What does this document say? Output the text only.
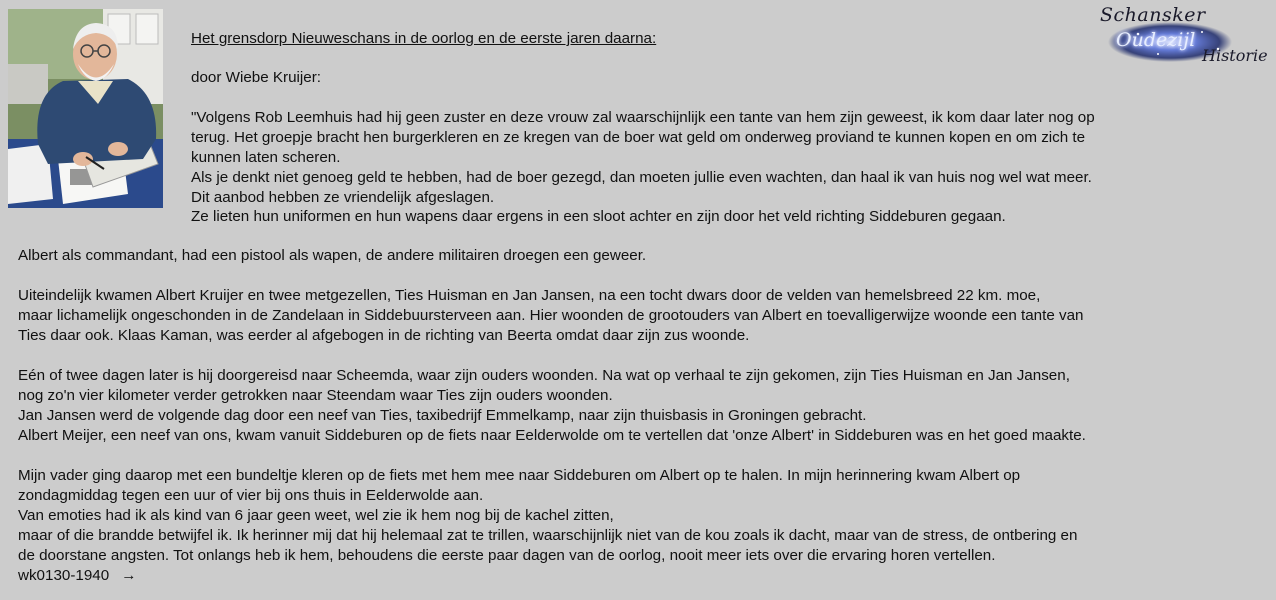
Schansker
Oudezijl
Historie

Het grensdorp Nieuweschans in de oorlog en de eerste jaren daarna:

door Wiebe Kruijer:

"Volgens Rob Leemhuis had hij geen zuster en deze vrouw zal waarschijnlijk een tante van hem zijn geweest, ik kom daar later nog op

terug. Het groepje bracht hen burgerkleren en ze kregen van de boer wat geld om onderweg proviand te kunnen kopen en om zich te

kunnen laten scheren.

Als je denkt niet genoeg geld te hebben, had de boer gezegd, dan moeten jullie even wachten, dan haal ik van huis nog wel wat meer.

Dit aanbod hebben ze vriendelijk afgeslagen.

Ze lieten hun uniformen en hun wapens daar ergens in een sloot achter en zijn door het veld richting Siddeburen gegaan.

Albert als commandant, had een pistool als wapen, de andere militairen droegen een geweer.

Uiteindelijk kwamen Albert Kruijer en twee metgezellen, Ties Huisman en Jan Jansen, na een tocht dwars door de velden van hemelsbreed 22 km. moe,

maar lichamelijk ongeschonden in de Zandelaan in Siddebuursterveen aan. Hier woonden de grootouders van Albert en toevalligerwijze woonde een tante van

Ties daar ook. Klaas Kaman, was eerder al afgebogen in de richting van Beerta omdat daar zijn zus woonde.

Eén of twee dagen later is hij doorgereisd naar Scheemda, waar zijn ouders woonden. Na wat op verhaal te zijn gekomen, zijn Ties Huisman en Jan Jansen,

nog zo'n vier kilometer verder getrokken naar Steendam waar Ties zijn ouders woonden.

Jan Jansen werd de volgende dag door een neef van Ties, taxibedrijf Emmelkamp, naar zijn thuisbasis in Groningen gebracht.

Albert Meijer, een neef van ons, kwam vanuit Siddeburen op de fiets naar Eelderwolde om te vertellen dat 'onze Albert' in Siddeburen was en het goed maakte.

Mijn vader ging daarop met een bundeltje kleren op de fiets met hem mee naar Siddeburen om Albert op te halen. In mijn herinnering kwam Albert op

zondagmiddag tegen een uur of vier bij ons thuis in Eelderwolde aan.

Van emoties had ik als kind van 6 jaar geen weet, wel zie ik hem nog bij de kachel zitten,

maar of die brandde betwijfel ik. Ik herinner mij dat hij helemaal zat te trillen, waarschijnlijk niet van de kou zoals ik dacht, maar van de stress, de ontbering en

de doorstane angsten. Tot onlangs heb ik hem, behoudens die eerste paar dagen van de oorlog, nooit meer iets over die ervaring horen vertellen.

wk0130-1940 →
